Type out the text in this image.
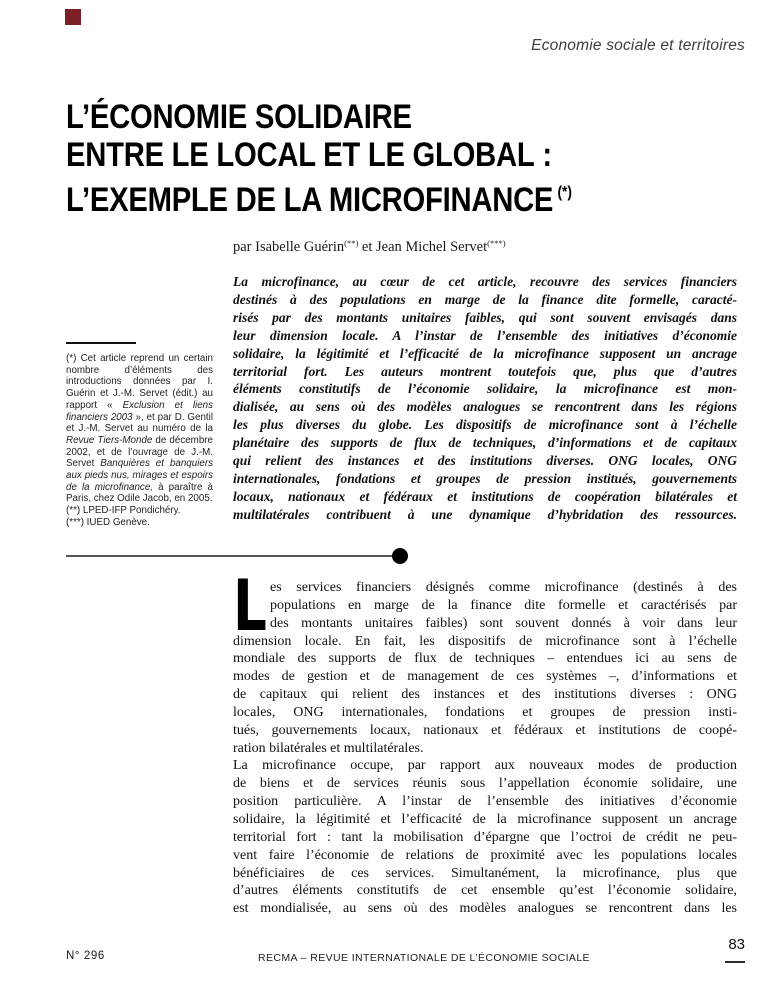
Economie sociale et territoires
L’ÉCONOMIE SOLIDAIRE
ENTRE LE LOCAL ET LE GLOBAL :
L’EXEMPLE DE LA MICROFINANCE (*)
par Isabelle Guérin(**) et Jean Michel Servet(***)
La microfinance, au cœur de cet article, recouvre des services financiers
destinés à des populations en marge de la finance dite formelle, caracté-
risés par des montants unitaires faibles, qui sont souvent envisagés dans
leur dimension locale. A l’instar de l’ensemble des initiatives d’économie
solidaire, la légitimité et l’efficacité de la microfinance supposent un ancrage
territorial fort. Les auteurs montrent toutefois que, plus que d’autres
éléments constitutifs de l’économie solidaire, la microfinance est mon-
dialisée, au sens où des modèles analogues se rencontrent dans les régions
les plus diverses du globe. Les dispositifs de microfinance sont à l’échelle
planétaire des supports de flux de techniques, d’informations et de capitaux
qui relient des instances et des institutions diverses. ONG locales, ONG
internationales, fondations et groupes de pression institués, gouvernements
locaux, nationaux et fédéraux et institutions de coopération bilatérales et
multilatérales contribuent à une dynamique d’hybridation des ressources.

(*) Cet article reprend un certain nombre d’éléments des introductions données par I. Guérin et J.-M. Servet (édit.) au rapport « Exclusion et liens financiers 2003 », et par D. Gentil et J.-M. Servet au numéro de la Revue Tiers-Monde de décembre 2002, et de l’ouvrage de J.-M. Servet Banquières et banquiers aux pieds nus, mirages et espoirs de la microfinance, à paraître à Paris, chez Odile Jacob, en 2005.

(**) LPED-IFP Pondichéry.

(***) IUED Genève.

L es services financiers désignés comme microfinance (destinés à des
populations en marge de la finance dite formelle et caractérisés par
des montants unitaires faibles) sont souvent donnés à voir dans leur
dimension locale. En fait, les dispositifs de microfinance sont à l’échelle
mondiale des supports de flux de techniques – entendues ici au sens de
modes de gestion et de management de ces systèmes –, d’informations et
de capitaux qui relient des instances et des institutions diverses : ONG
locales, ONG internationales, fondations et groupes de pression insti-
tués, gouvernements locaux, nationaux et fédéraux et institutions de coopé-
ration bilatérales et multilatérales.
La microfinance occupe, par rapport aux nouveaux modes de production
de biens et de services réunis sous l’appellation économie solidaire, une
position particulière. A l’instar de l’ensemble des initiatives d’économie
solidaire, la légitimité et l’efficacité de la microfinance supposent un ancrage
territorial fort : tant la mobilisation d’épargne que l’octroi de crédit ne peu-
vent faire l’économie de relations de proximité avec les populations locales
bénéficiaires de ces services. Simultanément, la microfinance, plus que
d’autres éléments constitutifs de cet ensemble qu’est l’économie solidaire,
est mondialisée, au sens où des modèles analogues se rencontrent dans les
N° 296	RECMA – REVUE INTERNATIONALE DE L’ÉCONOMIE SOCIALE
83
